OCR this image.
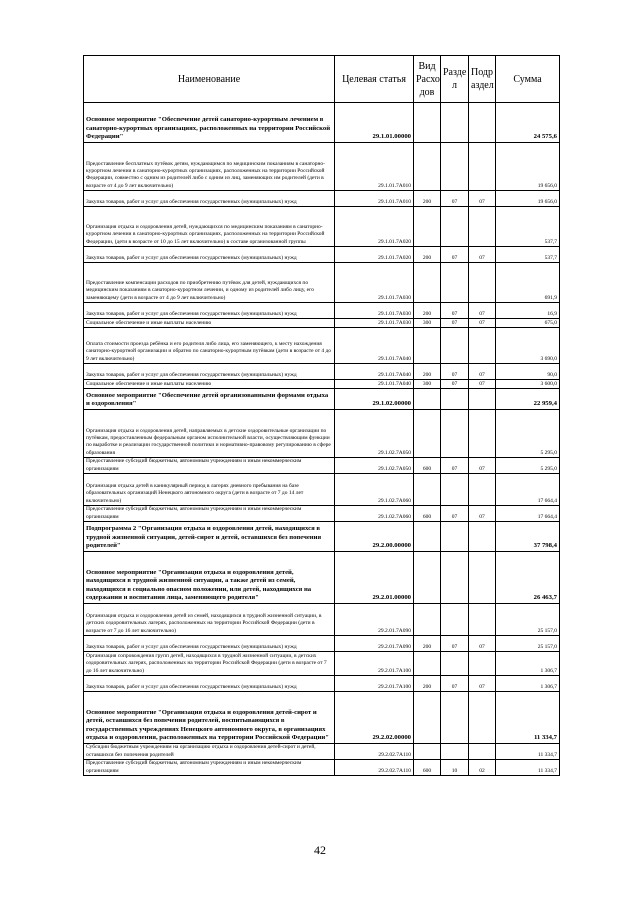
Наименование	Целевая статья	Вид Расхо дов	Разде л	Подр аздел	Сумма
Основное мероприятие "Обеспечение детей санаторно-курортным лечением в санаторно-курортных организациях, расположенных на территории Российской Федерации"	29.1.01.00000				24 575,6
Предоставление бесплатных путёвок детям, нуждающимся по медицинским показаниям в санаторно-курортном лечении в санаторно-курортных организациях, расположенных на территории Российской Федерации, совместно с одним из родителей либо с одним из лиц, заменяющих им родителей (дети в возрасте от 4 до 9 лет включительно)	29.1.01.7А010				19 656,0
Закупка товаров, работ и услуг для обеспечения государственных (муниципальных) нужд	29.1.01.7А010	200	07	07	19 656,0
Организация отдыха и оздоровления детей, нуждающихся по медицинским показаниям в санаторно-курортном лечении в санаторно-курортных организациях, расположенных на территории Российской Федерации, (дети в возрасте от 10 до 15 лет включительно) в составе организованной группы	29.1.01.7А020				537,7
Закупка товаров, работ и услуг для обеспечения государственных (муниципальных) нужд	29.1.01.7А020	200	07	07	537,7
Предоставление компенсации расходов по приобретению путёвок для детей, нуждающихся по медицинским показаниям в санаторно-курортном лечении, и одному из родителей либо лицу, его заменяющему (дети в возрасте от 4 до 9 лет включительно)	29.1.01.7А030				691,9
Закупка товаров, работ и услуг для обеспечения государственных (муниципальных) нужд	29.1.01.7А030	200	07	07	16,9
Социальное обеспечение и иные выплаты населению	29.1.01.7А030	300	07	07	675,0
Оплата стоимости проезда ребёнка и его родителя либо лица, его заменяющего, к месту нахождения санаторно-курортной организации и обратно по санаторно-курортным путёвкам (дети в возрасте от 4 до 9 лет включительно)	29.1.01.7А040				3 690,0
Закупка товаров, работ и услуг для обеспечения государственных (муниципальных) нужд	29.1.01.7А040	200	07	07	90,0
Социальное обеспечение и иные выплаты населению	29.1.01.7А040	300	07	07	3 600,0
Основное мероприятие "Обеспечение детей организованными формами отдыха и оздоровления"	29.1.02.00000				22 959,4
Организация отдыха и оздоровления детей, направляемых в детские оздоровительные организации по путёвкам, предоставленным федеральным органом исполнительной власти, осуществляющим функции по выработке и реализации государственной политики и нормативно-правовому регулированию в сфере образования	29.1.02.7А050				5 295,0
Предоставление субсидий бюджетным, автономным учреждениям и иным некоммерческим организациям	29.1.02.7А050	600	07	07	5 295,0
Организация отдыха детей в каникулярный период в лагерях дневного пребывания на базе образовательных организаций Ненецкого автономного округа (дети в возрасте от 7 до 14 лет включительно)	29.1.02.7А060				17 664,4
Предоставление субсидий бюджетным, автономным учреждениям и иным некоммерческим организациям	29.1.02.7А060	600	07	07	17 664,4
Подпрограмма 2 "Организация отдыха и оздоровления детей, находящихся в трудной жизненной ситуации, детей-сирот и детей, оставшихся без попечения родителей"	29.2.00.00000				37 798,4
Основное мероприятие "Организация отдыха и оздоровления детей, находящихся в трудной жизненной ситуации, а также детей из семей, находящихся в социально опасном положении, или детей, находящихся на содержании и воспитании лица, заменяющего родителя"	29.2.01.00000				26 463,7
Организация отдыха и оздоровления детей из семей, находящихся в трудной жизненной ситуации, в детских оздоровительных лагерях, расположенных на территории Российской Федерации (дети в возрасте от 7 до 16 лет включительно)	29.2.01.7А090				25 157,0
Закупка товаров, работ и услуг для обеспечения государственных (муниципальных) нужд	29.2.01.7А090	200	07	07	25 157,0
Организация сопровождения групп детей, находящихся в трудной жизненной ситуации, в детских оздоровительных лагерях, расположенных на территории Российской Федерации (дети в возрасте от 7 до 16 лет включительно)	29.2.01.7А100				1 306,7
Закупка товаров, работ и услуг для обеспечения государственных (муниципальных) нужд	29.2.01.7А100	200	07	07	1 306,7
Основное мероприятие "Организация отдыха и оздоровления детей-сирот и детей, оставшихся без попечения родителей, воспитывающихся в государственных учреждениях Ненецкого автономного округа, в организациях отдыха и оздоровления, расположенных на территории Российской Федерации"	29.2.02.00000				11 334,7
Субсидии бюджетным учреждениям на организацию отдыха и оздоровления детей-сирот и детей, оставшихся без попечения родителей	29.2.02.7А110				11 334,7
Предоставление субсидий бюджетным, автономным учреждениям и иным некоммерческим организациям	29.2.02.7А110	600	10	02	11 334,7
42
